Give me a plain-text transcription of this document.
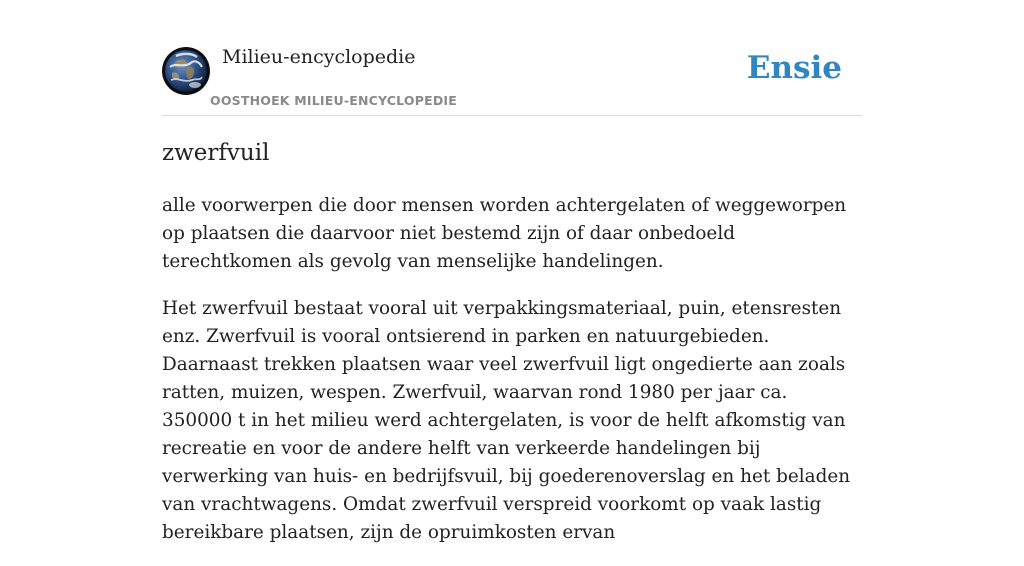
Milieu-encyclopedie
OOSTHOEK MILIEU-ENCYCLOPEDIE
Ensie
zwerfvuil

alle voorwerpen die door mensen worden achtergelaten of weggeworpen op plaatsen die daarvoor niet bestemd zijn of daar onbedoeld terechtkomen als gevolg van menselijke handelingen.

Het zwerfvuil bestaat vooral uit verpakkingsmateriaal, puin, etensresten enz. Zwerfvuil is vooral ontsierend in parken en natuurgebieden. Daarnaast trekken plaatsen waar veel zwerfvuil ligt ongedierte aan zoals ratten, muizen, wespen. Zwerfvuil, waarvan rond 1980 per jaar ca. 350000 t in het milieu werd achtergelaten, is voor de helft afkomstig van recreatie en voor de andere helft van verkeerde handelingen bij verwerking van huis- en bedrijfsvuil, bij goederenoverslag en het beladen van vrachtwagens. Omdat zwerfvuil verspreid voorkomt op vaak lastig bereikbare plaatsen, zijn de opruimkosten ervan
